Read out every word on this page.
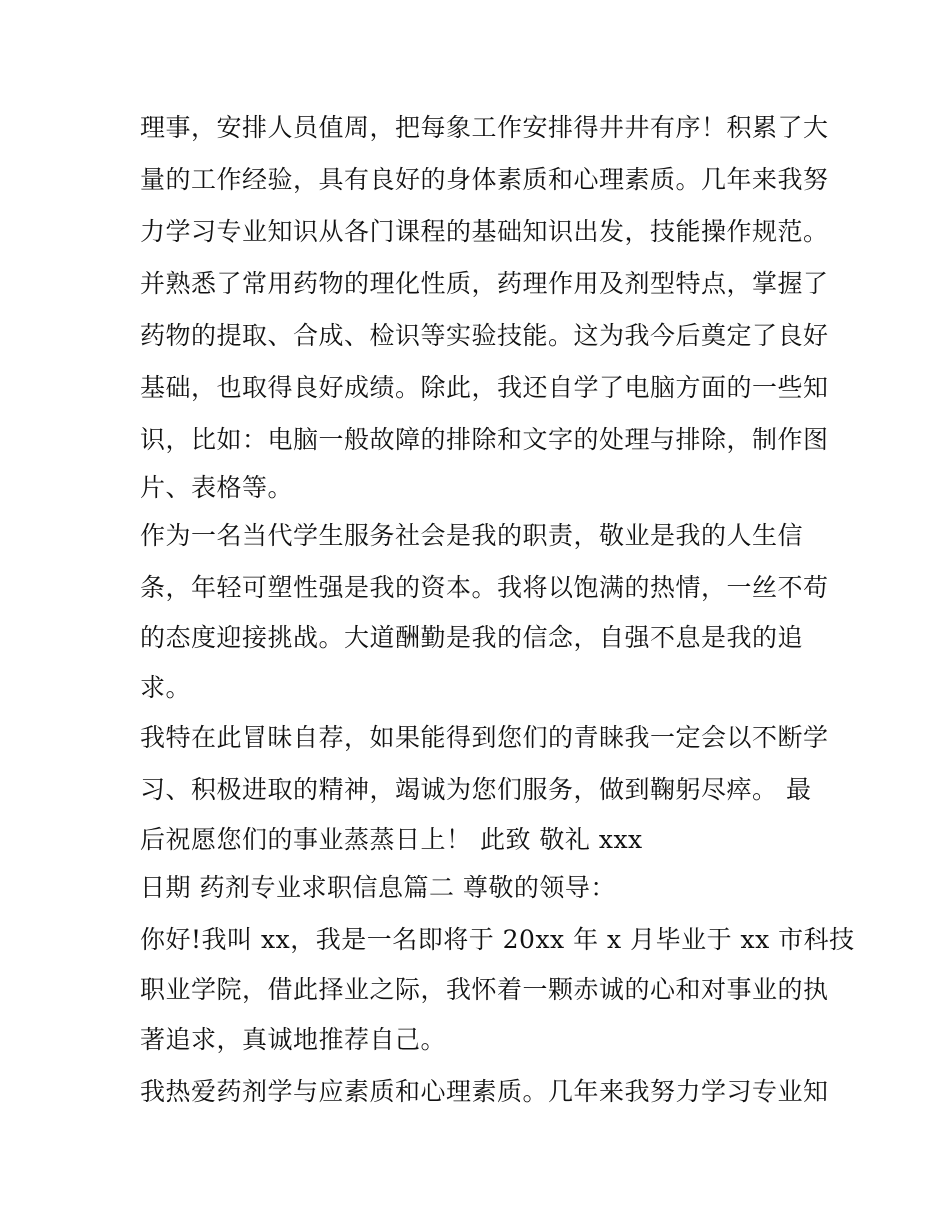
理事，安排人员值周，把每象工作安排得井井有序！积累了大
量的工作经验，具有良好的身体素质和心理素质。几年来我努
力学习专业知识从各门课程的基础知识出发，技能操作规范。
并熟悉了常用药物的理化性质，药理作用及剂型特点，掌握了
药物的提取、合成、检识等实验技能。这为我今后奠定了良好
基础，也取得良好成绩。除此，我还自学了电脑方面的一些知
识，比如：电脑一般故障的排除和文字的处理与排除，制作图
片、表格等。
作为一名当代学生服务社会是我的职责，敬业是我的人生信
条，年轻可塑性强是我的资本。我将以饱满的热情，一丝不苟
的态度迎接挑战。大道酬勤是我的信念，自强不息是我的追
求。
我特在此冒昧自荐，如果能得到您们的青睐我一定会以不断学
习、积极进取的精神，竭诚为您们服务，做到鞠躬尽瘁。 最
后祝愿您们的事业蒸蒸日上！ 此致 敬礼 xxx
日期 药剂专业求职信息篇二 尊敬的领导：
你好!我叫 xx，我是一名即将于 20xx 年 x 月毕业于 xx 市科技
职业学院，借此择业之际，我怀着一颗赤诚的心和对事业的执
著追求，真诚地推荐自己。
我热爱药剂学与应素质和心理素质。几年来我努力学习专业知
